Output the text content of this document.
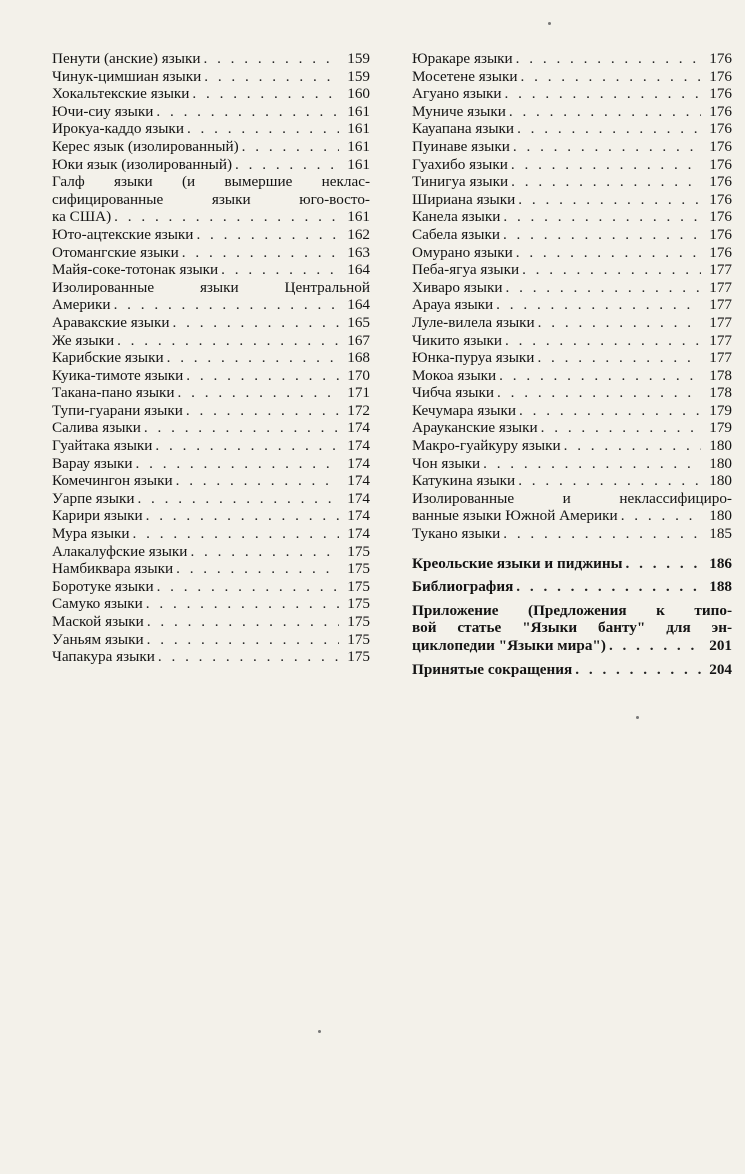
Пенути (анские) языки . . .	159
Чинук-цимшиан языки . . .	159
Хокальтекские языки . . .	160
Ючи-сиу языки . . .	161
Ирокуа-каддо языки . . .	161
Керес язык (изолированный) . . .	161
Юки язык (изолированный) . . .	161
Галф языки (и вымершие неклас-
сифицированные языки юго-восто-
ка США) . . .	161
Юто-ацтекские языки . . .	162
Отомангские языки . . .	163
Майя-соке-тотонак языки . . .	164
Изолированные языки Центральной
Америки . . .	164
Аравакские языки . . .	165
Же языки . . .	167
Карибские языки . . .	168
Куика-тимоте языки . . .	170
Такана-пано языки . . .	171
Тупи-гуарани языки . . .	172
Салива языки . . .	174
Гуайтака языки . . .	174
Варау языки . . .	174
Комечингон языки . . .	174
Уарпе языки . . .	174
Карири языки . . .	174
Мура языки . . .	174
Алакалуфские языки . . .	175
Намбиквара языки . . .	175
Боротуке языки . . .	175
Самуко языки . . .	175
Маской языки . . .	175
Уаньям языки . . .	175
Чапакура языки . . .	175
Юракаре языки . . .	176
Мосетене языки . . .	176
Агуано языки . . .	176
Муниче языки . . .	176
Кауапана языки . . .	176
Пуинаве языки . . .	176
Гуахибо языки . . .	176
Тинигуа языки . . .	176
Шириана языки . . .	176
Канела языки . . .	176
Сабела языки . . .	176
Омурано языки . . .	176
Пеба-ягуа языки . . .	177
Хиваро языки . . .	177
Арауа языки . . .	177
Луле-вилела языки . . .	177
Чикито языки . . .	177
Юнка-пуруа языки . . .	177
Мокоа языки . . .	178
Чибча языки . . .	178
Кечумара языки . . .	179
Арауканские языки . . .	179
Макро-гуайкуру языки . . .	180
Чон языки . . .	180
Катукина языки . . .	180
Изолированные и неклассифициро-
ванные языки Южной Америки . . .	180
Тукано языки . . .	185
Креольские языки и пиджины . . .	186
Библиография . . .	188
Приложение (Предложения к типо-
вой статье "Языки банту" для эн-
циклопедии "Языки мира") . . .	201
Принятые сокращения . . .	204
